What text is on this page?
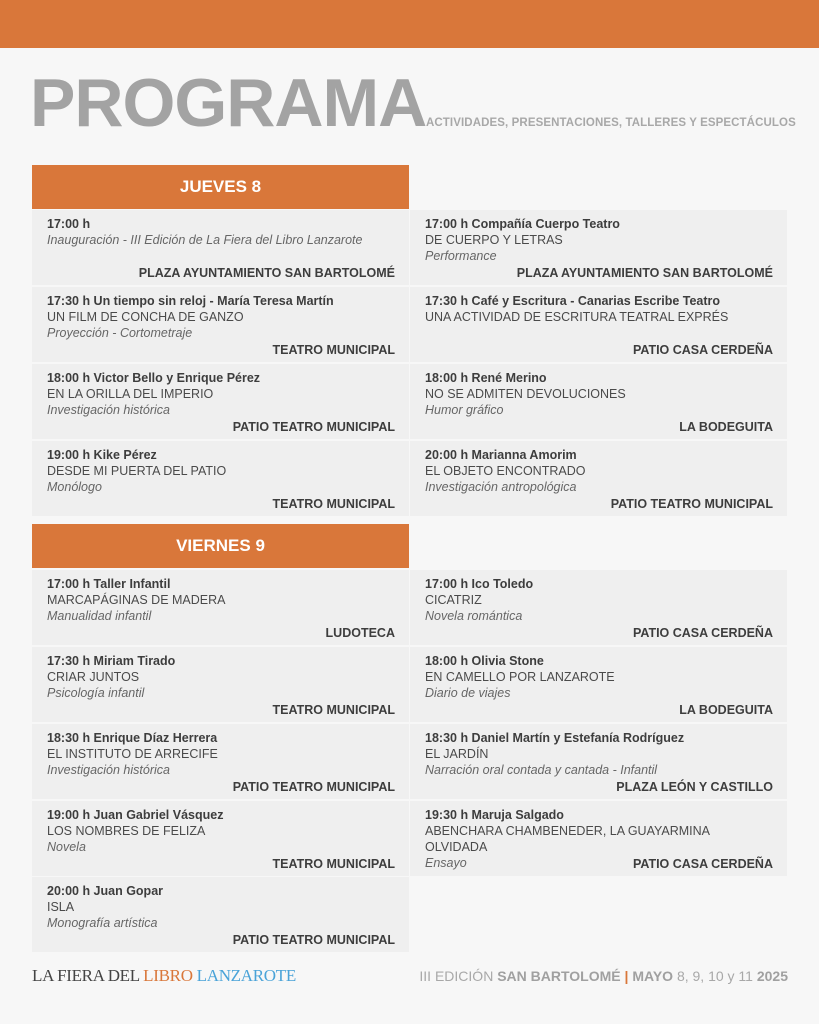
PROGRAMA ACTIVIDADES, PRESENTACIONES, TALLERES Y ESPECTÁCULOS
JUEVES 8
17:00 h
Inauguración - III Edición de La Fiera del Libro Lanzarote
PLAZA AYUNTAMIENTO SAN BARTOLOMÉ
17:00 h Compañía Cuerpo Teatro
DE CUERPO Y LETRAS
Performance
PLAZA AYUNTAMIENTO SAN BARTOLOMÉ
17:30 h Un tiempo sin reloj - María Teresa Martín
UN FILM DE CONCHA DE GANZO
Proyección - Cortometraje
TEATRO MUNICIPAL
17:30 h Café y Escritura - Canarias Escribe Teatro
UNA ACTIVIDAD DE ESCRITURA TEATRAL EXPRÉS
PATIO CASA CERDEÑA
18:00 h Victor Bello y Enrique Pérez
EN LA ORILLA DEL IMPERIO
Investigación histórica
PATIO TEATRO MUNICIPAL
18:00 h René Merino
NO SE ADMITEN DEVOLUCIONES
Humor gráfico
LA BODEGUITA
19:00 h Kike Pérez
DESDE MI PUERTA DEL PATIO
Monólogo
TEATRO MUNICIPAL
20:00 h Marianna Amorim
EL OBJETO ENCONTRADO
Investigación antropológica
PATIO TEATRO MUNICIPAL
VIERNES 9
17:00 h Taller Infantil
MARCAPÁGINAS DE MADERA
Manualidad infantil
LUDOTECA
17:00 h Ico Toledo
CICATRIZ
Novela romántica
PATIO CASA CERDEÑA
17:30 h Miriam Tirado
CRIAR JUNTOS
Psicología infantil
TEATRO MUNICIPAL
18:00 h Olivia Stone
EN CAMELLO POR LANZAROTE
Diario de viajes
LA BODEGUITA
18:30 h Enrique Díaz Herrera
EL INSTITUTO DE ARRECIFE
Investigación histórica
PATIO TEATRO MUNICIPAL
18:30 h Daniel Martín y Estefanía Rodríguez
EL JARDÍN
Narración oral contada y cantada - Infantil
PLAZA LEÓN Y CASTILLO
19:00 h Juan Gabriel Vásquez
LOS NOMBRES DE FELIZA
Novela
TEATRO MUNICIPAL
19:30 h Maruja Salgado
ABENCHARA CHAMBENEDER, LA GUAYARMINA OLVIDADA
Ensayo	PATIO CASA CERDEÑA
20:00 h Juan Gopar
ISLA
Monografía artística
PATIO TEATRO MUNICIPAL
LA FIERA DEL LIBRO LANZAROTE	III EDICIÓN SAN BARTOLOMÉ | MAYO 8, 9, 10 y 11 2025
